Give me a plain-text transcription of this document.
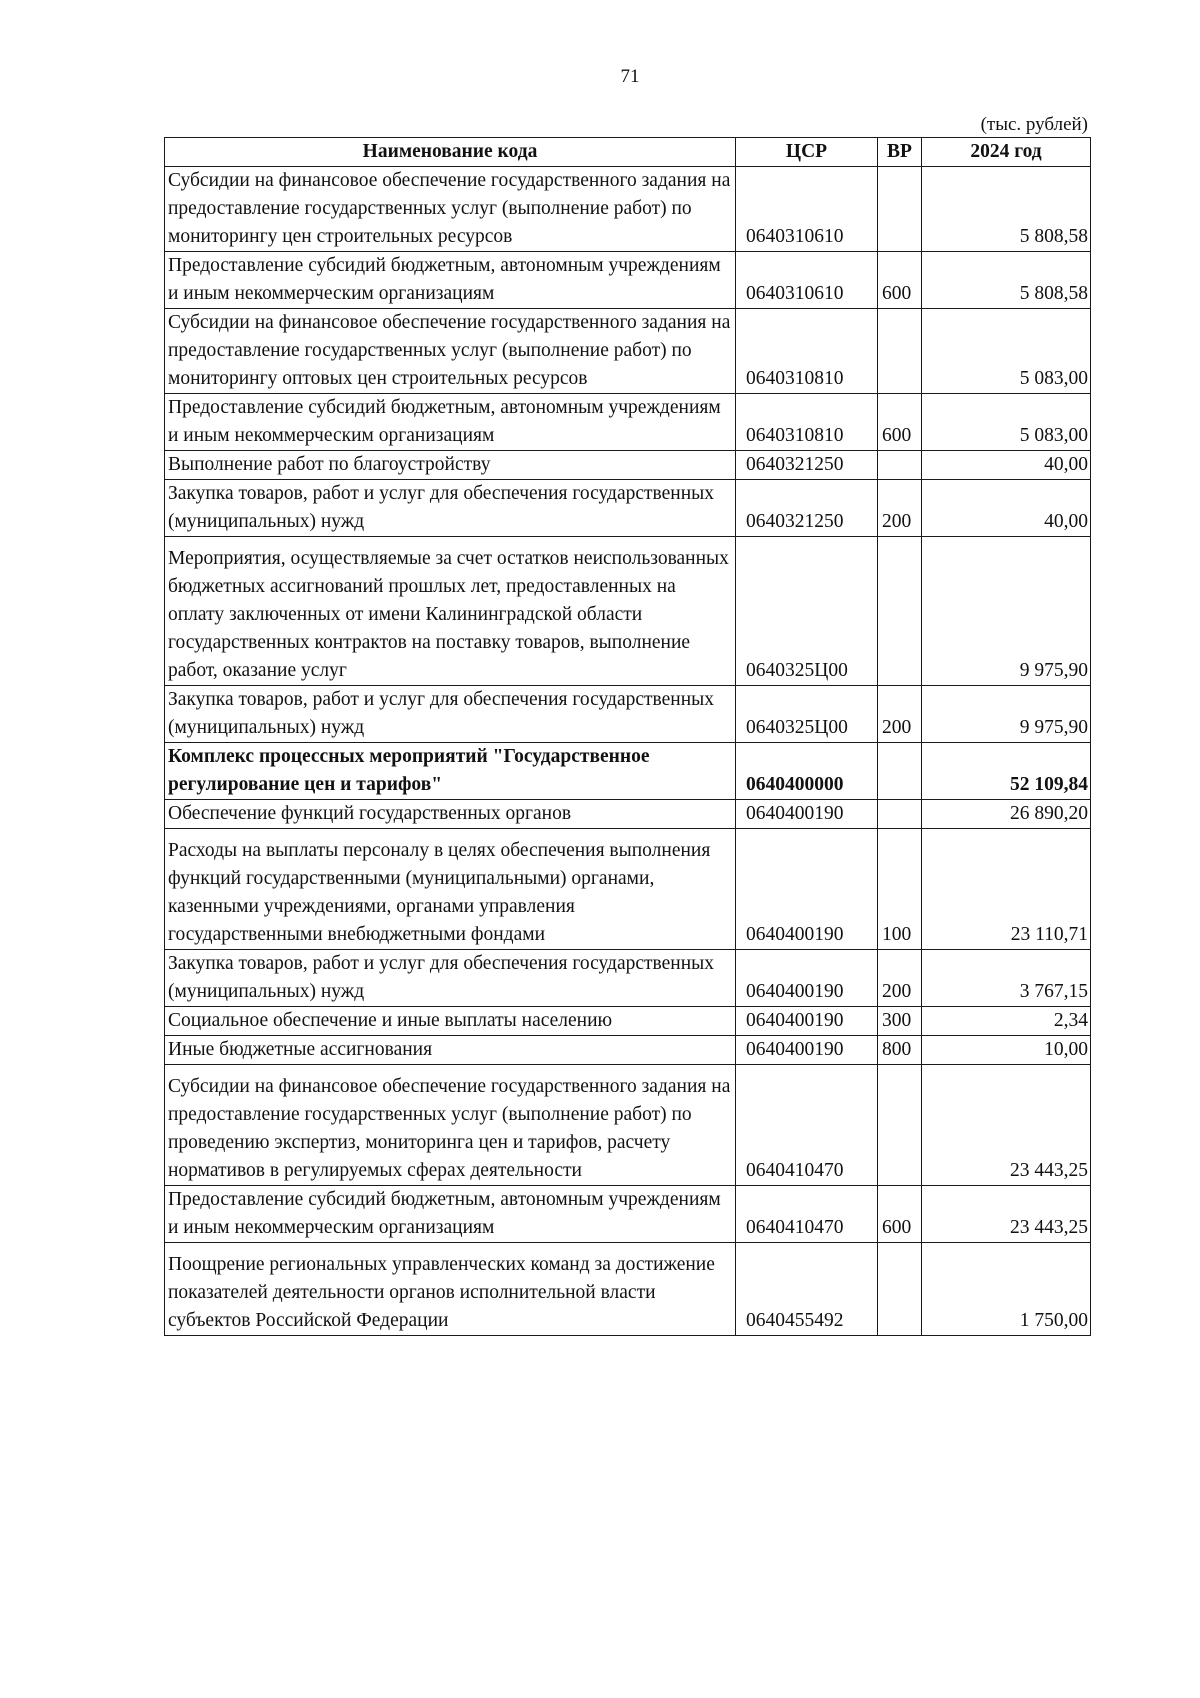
71
(тыс. рублей)
Наименование кода	ЦСР	ВР	2024 год
Субсидии на финансовое обеспечение государственного задания на предоставление государственных услуг (выполнение работ) по мониторингу цен строительных ресурсов	0640310610		5 808,58
Предоставление субсидий бюджетным, автономным учреждениям и иным некоммерческим организациям	0640310610	600	5 808,58
Субсидии на финансовое обеспечение государственного задания на предоставление государственных услуг (выполнение работ) по мониторингу оптовых цен строительных ресурсов	0640310810		5 083,00
Предоставление субсидий бюджетным, автономным учреждениям и иным некоммерческим организациям	0640310810	600	5 083,00
Выполнение работ по благоустройству	0640321250		40,00
Закупка товаров, работ и услуг для обеспечения государственных (муниципальных) нужд	0640321250	200	40,00
Мероприятия, осуществляемые за счет остатков неиспользованных бюджетных ассигнований прошлых лет, предоставленных на оплату заключенных от имени Калининградской области государственных контрактов на поставку товаров, выполнение работ, оказание услуг	0640325Ц00		9 975,90
Закупка товаров, работ и услуг для обеспечения государственных (муниципальных) нужд	0640325Ц00	200	9 975,90
Комплекс процессных мероприятий "Государственное регулирование цен и тарифов"	0640400000		52 109,84
Обеспечение функций государственных органов	0640400190		26 890,20
Расходы на выплаты персоналу в целях обеспечения выполнения функций государственными (муниципальными) органами, казенными учреждениями, органами управления государственными внебюджетными фондами	0640400190	100	23 110,71
Закупка товаров, работ и услуг для обеспечения государственных (муниципальных) нужд	0640400190	200	3 767,15
Социальное обеспечение и иные выплаты населению	0640400190	300	2,34
Иные бюджетные ассигнования	0640400190	800	10,00
Субсидии на финансовое обеспечение государственного задания на предоставление государственных услуг (выполнение работ) по проведению экспертиз, мониторинга цен и тарифов, расчету нормативов в регулируемых сферах деятельности	0640410470		23 443,25
Предоставление субсидий бюджетным, автономным учреждениям и иным некоммерческим организациям	0640410470	600	23 443,25
Поощрение региональных управленческих команд за достижение показателей деятельности органов исполнительной власти субъектов Российской Федерации	0640455492		1 750,00
